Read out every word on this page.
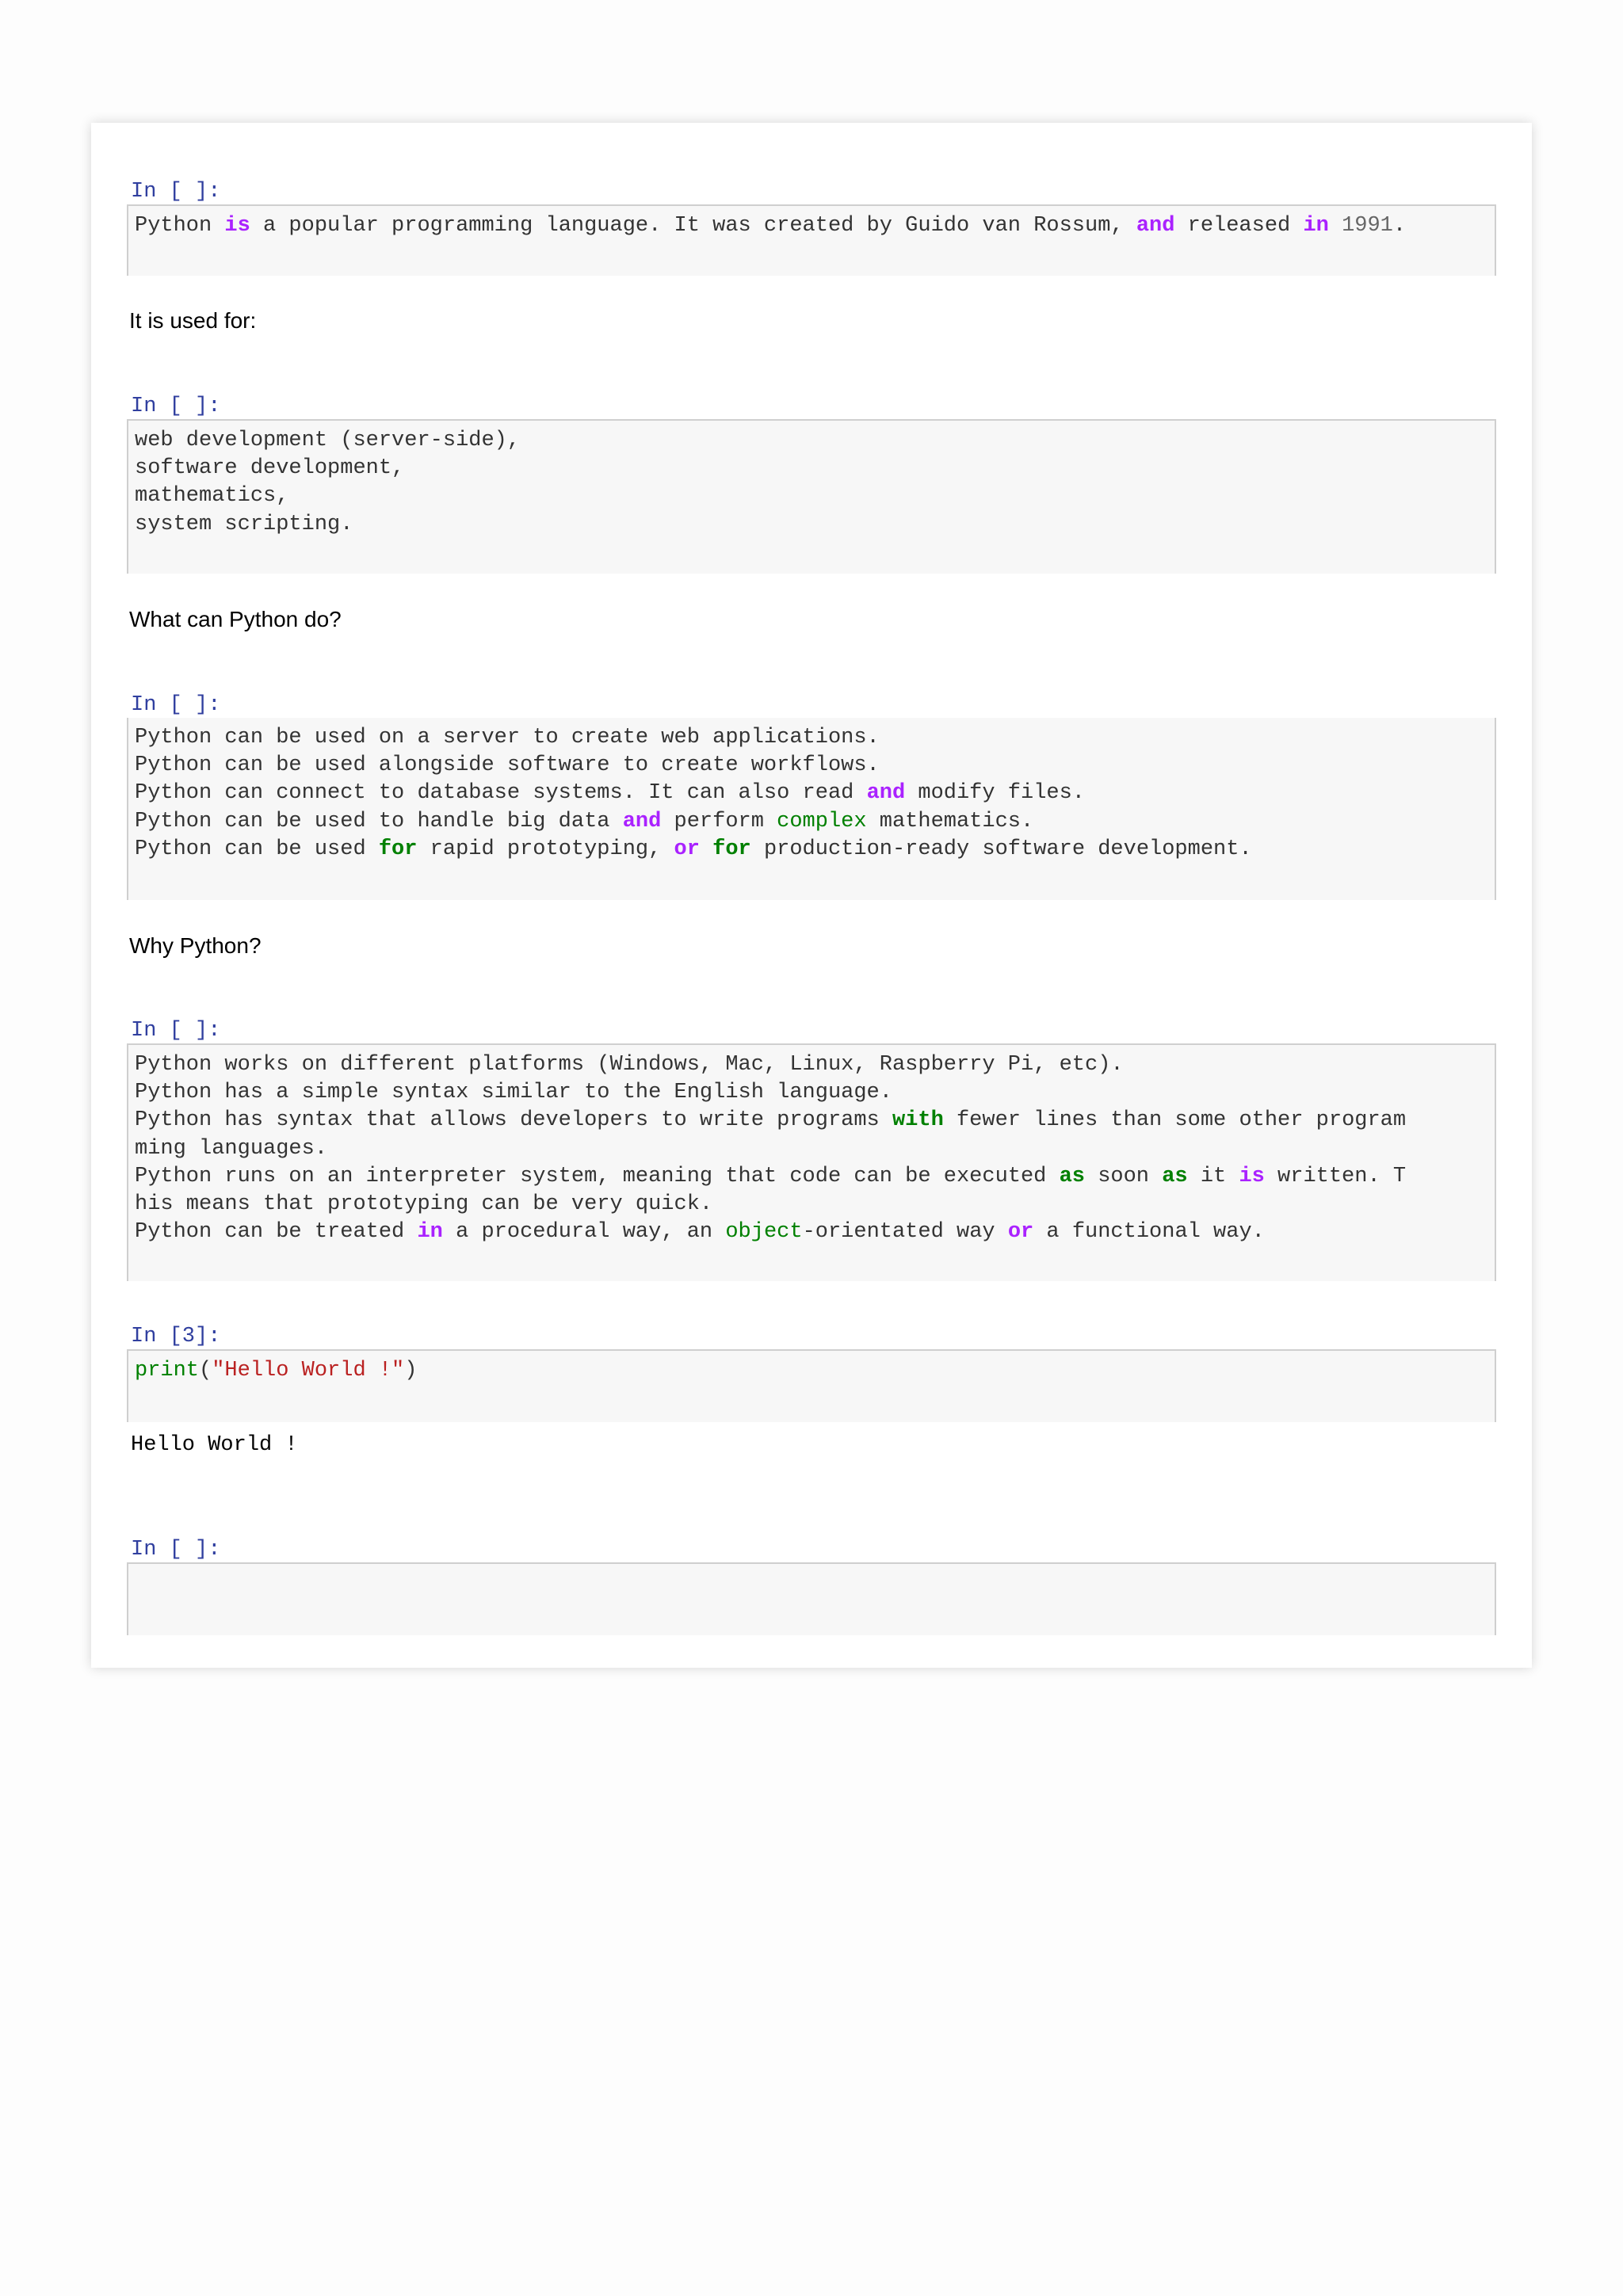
In [ ]:
Python is a popular programming language. It was created by Guido van Rossum, and released in 1991.
It is used for:
In [ ]:
web development (server-side),
software development,
mathematics,
system scripting.
What can Python do?
In [ ]:
Python can be used on a server to create web applications.
Python can be used alongside software to create workflows.
Python can connect to database systems. It can also read and modify files.
Python can be used to handle big data and perform complex mathematics.
Python can be used for rapid prototyping, or for production-ready software development.
Why Python?
In [ ]:
Python works on different platforms (Windows, Mac, Linux, Raspberry Pi, etc).
Python has a simple syntax similar to the English language.
Python has syntax that allows developers to write programs with fewer lines than some other program
ming languages.
Python runs on an interpreter system, meaning that code can be executed as soon as it is written. T
his means that prototyping can be very quick.
Python can be treated in a procedural way, an object-orientated way or a functional way.
In [3]:
print("Hello World !")
Hello World !
In [ ]:
